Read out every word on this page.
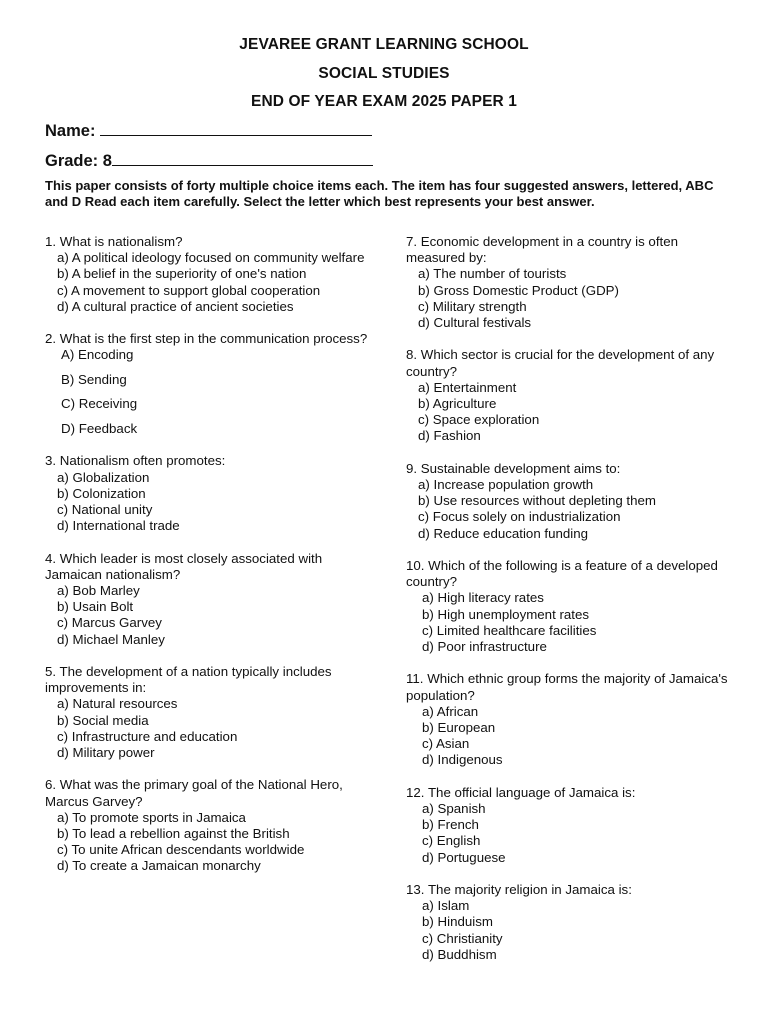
JEVAREE GRANT LEARNING SCHOOL
SOCIAL STUDIES
END OF YEAR EXAM 2025 PAPER 1
Name:
Grade: 8
This paper consists of forty multiple choice items each. The item has four suggested answers, lettered, ABC and D Read each item carefully. Select the letter which best represents your best answer.
1. What is nationalism?
a) A political ideology focused on community welfare
b) A belief in the superiority of one's nation
c) A movement to support global cooperation
d) A cultural practice of ancient societies
2. What is the first step in the communication process?
A) Encoding
B) Sending
C) Receiving
D) Feedback
3. Nationalism often promotes:
a) Globalization
b) Colonization
c) National unity
d) International trade
4. Which leader is most closely associated with Jamaican nationalism?
a) Bob Marley
b) Usain Bolt
c) Marcus Garvey
d) Michael Manley
5. The development of a nation typically includes improvements in:
a) Natural resources
b) Social media
c) Infrastructure and education
d) Military power
6. What was the primary goal of the National Hero, Marcus Garvey?
a) To promote sports in Jamaica
b) To lead a rebellion against the British
c) To unite African descendants worldwide
d) To create a Jamaican monarchy
7. Economic development in a country is often measured by:
a) The number of tourists
b) Gross Domestic Product (GDP)
c) Military strength
d) Cultural festivals
8. Which sector is crucial for the development of any country?
a) Entertainment
b) Agriculture
c) Space exploration
d) Fashion
9. Sustainable development aims to:
a) Increase population growth
b) Use resources without depleting them
c) Focus solely on industrialization
d) Reduce education funding
10. Which of the following is a feature of a developed country?
a) High literacy rates
b) High unemployment rates
c) Limited healthcare facilities
d) Poor infrastructure
11. Which ethnic group forms the majority of Jamaica's population?
a) African
b) European
c) Asian
d) Indigenous
12. The official language of Jamaica is:
a) Spanish
b) French
c) English
d) Portuguese
13. The majority religion in Jamaica is:
a) Islam
b) Hinduism
c) Christianity
d) Buddhism
